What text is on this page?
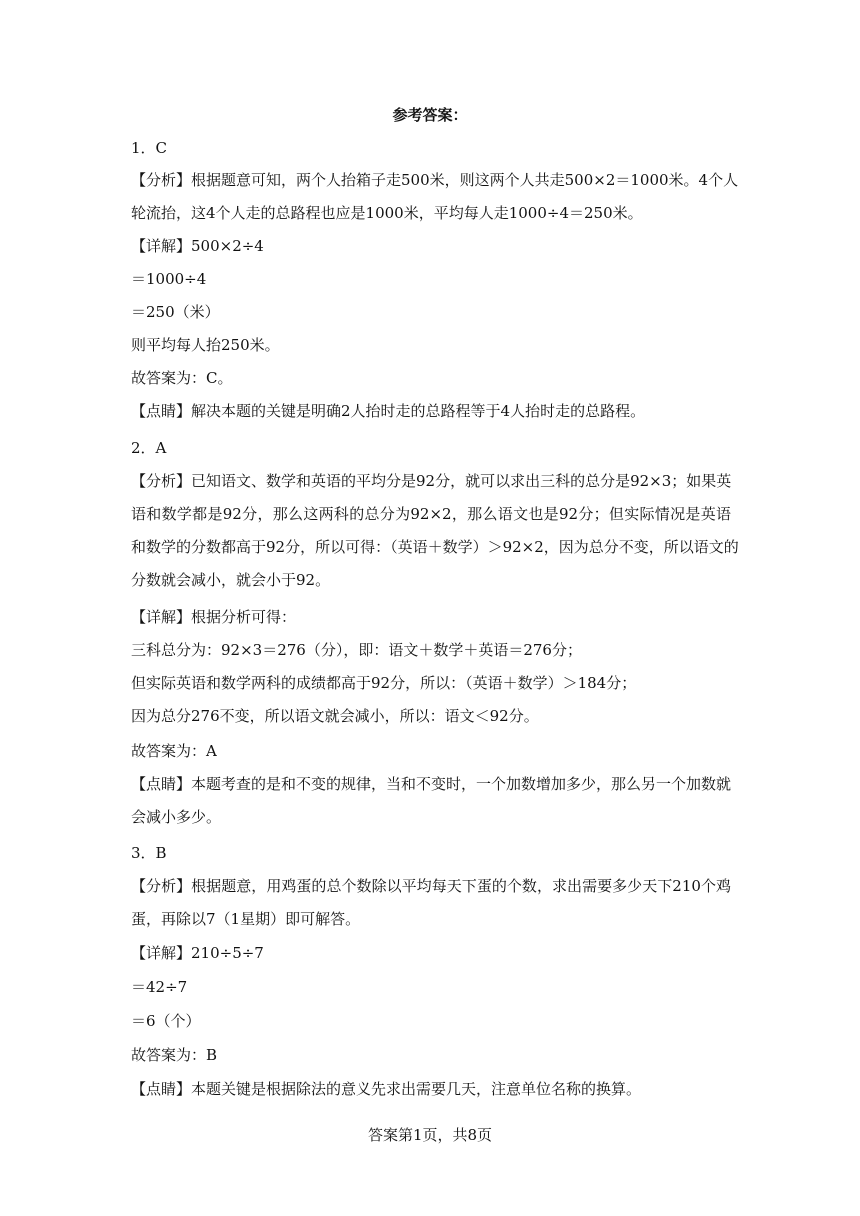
参考答案：
1．C
【分析】根据题意可知，两个人抬箱子走500米，则这两个人共走500×2＝1000米。4个人
轮流抬，这4个人走的总路程也应是1000米，平均每人走1000÷4＝250米。
【详解】500×2÷4
＝1000÷4
＝250（米）
则平均每人抬250米。
故答案为：C。
【点睛】解决本题的关键是明确2人抬时走的总路程等于4人抬时走的总路程。
2．A
【分析】已知语文、数学和英语的平均分是92分，就可以求出三科的总分是92×3；如果英
语和数学都是92分，那么这两科的总分为92×2，那么语文也是92分；但实际情况是英语
和数学的分数都高于92分，所以可得：（英语＋数学）＞92×2，因为总分不变，所以语文的
分数就会减小，就会小于92。
【详解】根据分析可得：
三科总分为：92×3＝276（分），即：语文＋数学＋英语＝276分；
但实际英语和数学两科的成绩都高于92分，所以：（英语＋数学）＞184分；
因为总分276不变，所以语文就会减小，所以：语文＜92分。
故答案为：A
【点睛】本题考查的是和不变的规律，当和不变时，一个加数增加多少，那么另一个加数就
会减小多少。
3．B
【分析】根据题意，用鸡蛋的总个数除以平均每天下蛋的个数，求出需要多少天下210个鸡
蛋，再除以7（1星期）即可解答。
【详解】210÷5÷7
＝42÷7
＝6（个）
故答案为：B
【点睛】本题关键是根据除法的意义先求出需要几天，注意单位名称的换算。
答案第1页，共8页
